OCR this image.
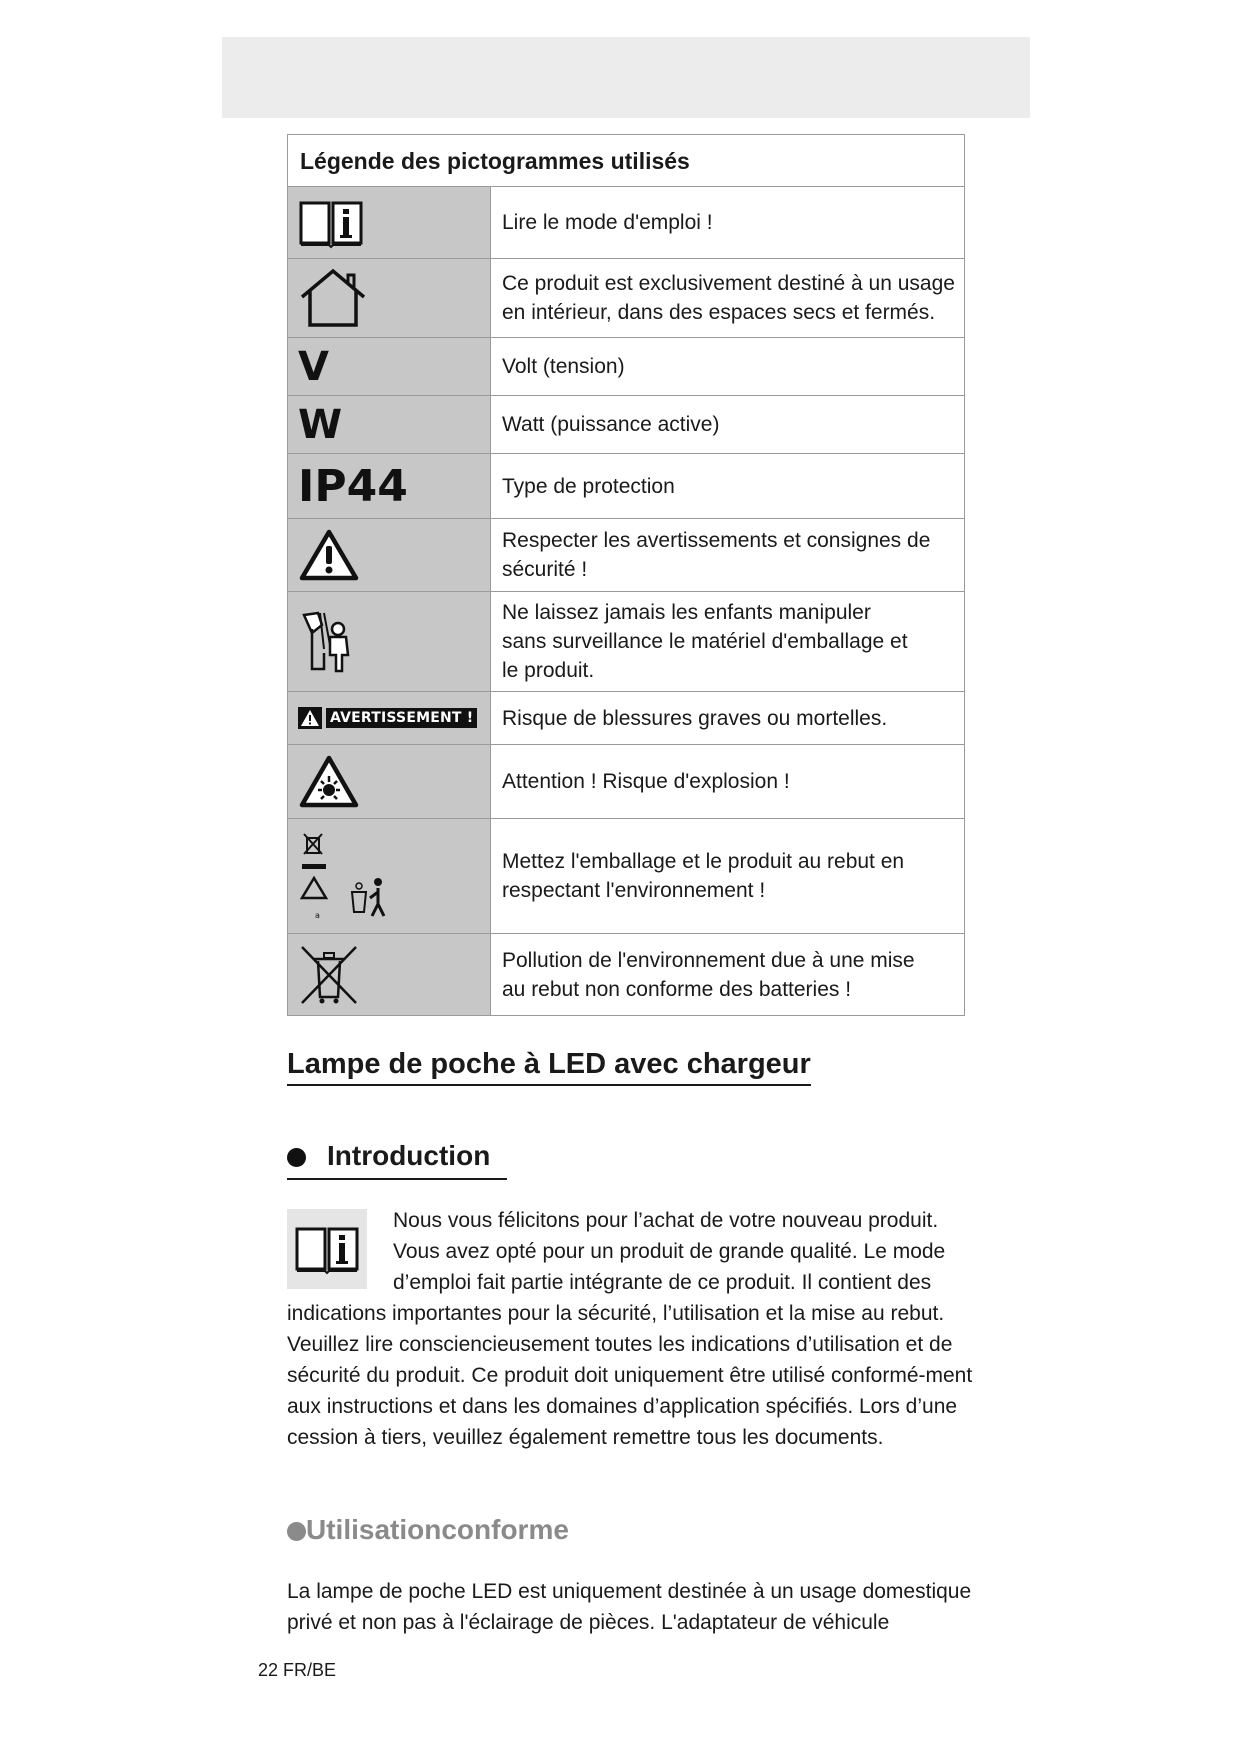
Légende des pictogrammes utilisés
Lire le mode d'emploi !
Ce produit est exclusivement destiné à un usage
en intérieur, dans des espaces secs et fermés.
V	Volt (tension)
W	Watt (puissance active)
IP44	Type de protection
Respecter les avertissements et consignes de
sécurité !
Ne laissez jamais les enfants manipuler
sans surveillance le matériel d'emballage et
le produit.
AVERTISSEMENT !	Risque de blessures graves ou mortelles.
Attention ! Risque d'explosion !
a
Mettez l'emballage et le produit au rebut en
respectant l'environnement !
Pollution de l'environnement due à une mise
au rebut non conforme des batteries !
Lampe de poche à LED avec chargeur
Introduction

Nous vous félicitons pour l’achat de votre nouveau produit. Vous avez opté pour un produit de grande qualité. Le mode d’emploi fait partie intégrante de ce produit. Il contient des

indications importantes pour la sécurité, l’utilisation et la mise au rebut. Veuillez lire consciencieusement toutes les indications d’utilisation et de sécurité du produit. Ce produit doit uniquement être utilisé conformé-ment aux instructions et dans les domaines d’application spécifiés. Lors d’une cession à tiers, veuillez également remettre tous les documents.

Utilisationconforme

La lampe de poche LED est uniquement destinée à un usage domestique privé et non pas à l'éclairage de pièces. L'adaptateur de véhicule

22 FR/BE
